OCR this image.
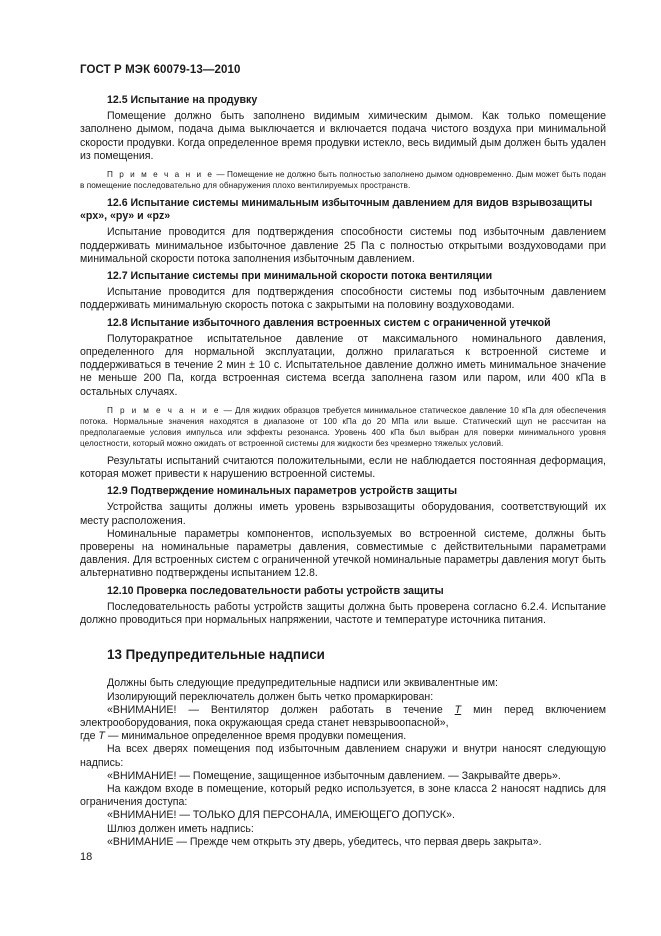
ГОСТ Р МЭК 60079-13—2010
12.5 Испытание на продувку

Помещение должно быть заполнено видимым химическим дымом. Как только помещение заполнено дымом, подача дыма выключается и включается подача чистого воздуха при минимальной скорости продувки. Когда определенное время продувки истекло, весь видимый дым должен быть удален из помещения.

П р и м е ч а н и е — Помещение не должно быть полностью заполнено дымом одновременно. Дым может быть подан в помещение последовательно для обнаружения плохо вентилируемых пространств.
12.6 Испытание системы минимальным избыточным давлением для видов взрывозащиты
«px», «py» и «pz»

Испытание проводится для подтверждения способности системы под избыточным давлением поддерживать минимальное избыточное давление 25 Па с полностью открытыми воздуховодами при минимальной скорости потока заполнения избыточным давлением.

12.7 Испытание системы при минимальной скорости потока вентиляции

Испытание проводится для подтверждения способности системы под избыточным давлением поддерживать минимальную скорость потока с закрытыми на половину воздуховодами.

12.8 Испытание избыточного давления встроенных систем с ограниченной утечкой

Полуторакратное испытательное давление от максимального номинального давления, определенного для нормальной эксплуатации, должно прилагаться к встроенной системе и поддерживаться в течение 2 мин ± 10 с. Испытательное давление должно иметь минимальное значение не меньше 200 Па, когда встроенная система всегда заполнена газом или паром, или 400 кПа в остальных случаях.

П р и м е ч а н и е — Для жидких образцов требуется минимальное статическое давление 10 кПа для обеспечения потока. Нормальные значения находятся в диапазоне от 100 кПа до 20 МПа или выше. Статический щуп не рассчитан на предполагаемые условия импульса или эффекты резонанса. Уровень 400 кПа был выбран для поверки минимального уровня целостности, который можно ожидать от встроенной системы для жидкости без чрезмерно тяжелых условий.

Результаты испытаний считаются положительными, если не наблюдается постоянная деформация, которая может привести к нарушению встроенной системы.

12.9 Подтверждение номинальных параметров устройств защиты

Устройства защиты должны иметь уровень взрывозащиты оборудования, соответствующий их месту расположения.

Номинальные параметры компонентов, используемых во встроенной системе, должны быть проверены на номинальные параметры давления, совместимые с действительными параметрами давления. Для встроенных систем с ограниченной утечкой номинальные параметры давления могут быть альтернативно подтверждены испытанием 12.8.

12.10 Проверка последовательности работы устройств защиты

Последовательность работы устройств защиты должна быть проверена согласно 6.2.4. Испытание должно проводиться при нормальных напряжении, частоте и температуре источника питания.

13 Предупредительные надписи

Должны быть следующие предупредительные надписи или эквивалентные им:

Изолирующий переключатель должен быть четко промаркирован:

«ВНИМАНИЕ! — Вентилятор должен работать в течение T мин перед включением электрооборудования, пока окружающая среда станет невзрывоопасной»,

где T — минимальное определенное время продувки помещения.

На всех дверях помещения под избыточным давлением снаружи и внутри наносят следующую надпись:

«ВНИМАНИЕ! — Помещение, защищенное избыточным давлением. — Закрывайте дверь».

На каждом входе в помещение, который редко используется, в зоне класса 2 наносят надпись для ограничения доступа:

«ВНИМАНИЕ! — ТОЛЬКО ДЛЯ ПЕРСОНАЛА, ИМЕЮЩЕГО ДОПУСК».

Шлюз должен иметь надпись:

«ВНИМАНИЕ — Прежде чем открыть эту дверь, убедитесь, что первая дверь закрыта».

18
